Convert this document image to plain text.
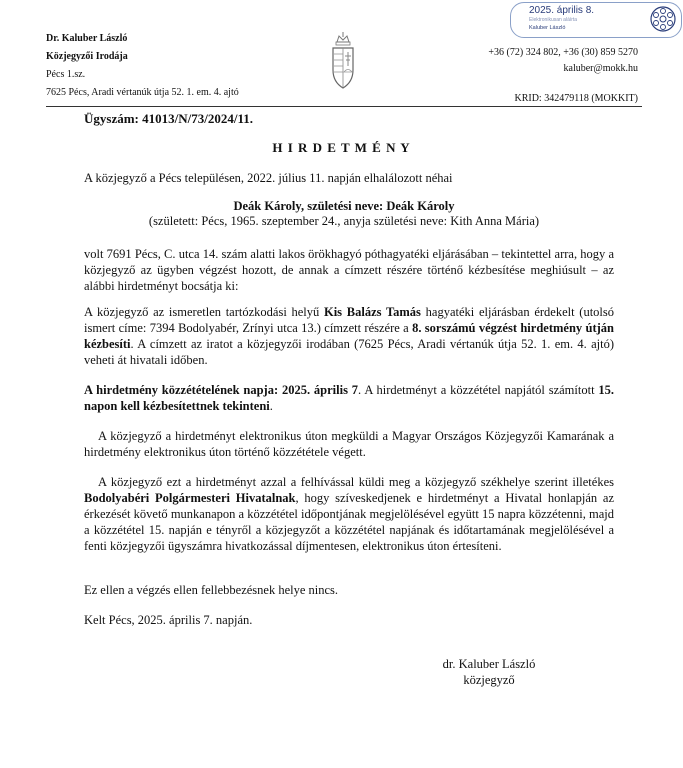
Dr. Kaluber László
Közjegyzői Irodája
Pécs 1.sz.
7625 Pécs, Aradi vértanúk útja 52. 1. em. 4. ajtó
2025. április 8.
Elektronikusan aláírta
Kaluber László
+36 (72) 324 802, +36 (30) 859 5270
kaluber@mokk.hu
KRID: 342479118 (MOKKIT)
Ügyszám: 41013/N/73/2024/11.
H I R D E T M É N Y
A közjegyző a Pécs településen, 2022. július 11. napján elhalálozott néhai
Deák Károly, születési neve: Deák Károly
(született: Pécs, 1965. szeptember 24., anyja születési neve: Kith Anna Mária)
volt 7691 Pécs, C. utca 14. szám alatti lakos örökhagyó póthagyatéki eljárásában – tekintettel arra, hogy a közjegyző az ügyben végzést hozott, de annak a címzett részére történő kézbesítése meghiúsult – az alábbi hirdetményt bocsátja ki:
A közjegyző az ismeretlen tartózkodási helyű Kis Balázs Tamás hagyatéki eljárásban érdekelt (utolsó ismert címe: 7394 Bodolyabér, Zrínyi utca 13.) címzett részére a 8. sorszámú végzést hirdetmény útján kézbesíti. A címzett az iratot a közjegyzői irodában (7625 Pécs, Aradi vértanúk útja 52. 1. em. 4. ajtó) veheti át hivatali időben.
A hirdetmény közzétételének napja: 2025. április 7. A hirdetményt a közzététel napjától számított 15. napon kell kézbesítettnek tekinteni.
A közjegyző a hirdetményt elektronikus úton megküldi a Magyar Országos Közjegyzői Kamarának a hirdetmény elektronikus úton történő közzététele végett.
A közjegyző ezt a hirdetményt azzal a felhívással küldi meg a közjegyző székhelye szerint illetékes Bodolyabéri Polgármesteri Hivatalnak, hogy szíveskedjenek e hirdetményt a Hivatal honlapján az érkezését követő munkanapon a közzététel időpontjának megjelölésével együtt 15 napra közzétenni, majd a közzététel 15. napján e tényről a közjegyzőt a közzététel napjának és időtartamának megjelölésével a fenti közjegyzői ügyszámra hivatkozással díjmentesen, elektronikus úton értesíteni.
Ez ellen a végzés ellen fellebbezésnek helye nincs.
Kelt Pécs, 2025. április 7. napján.
dr. Kaluber László
közjegyző
